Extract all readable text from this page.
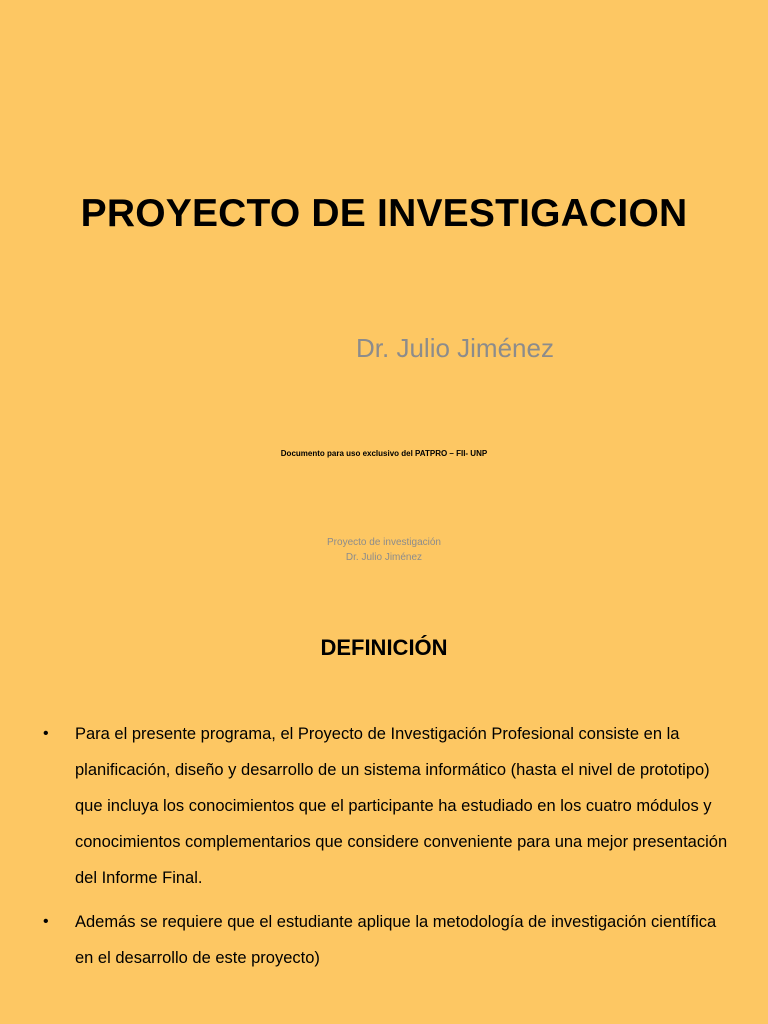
PROYECTO DE INVESTIGACION
Dr. Julio Jiménez
Documento para uso exclusivo del PATPRO – FII- UNP
Proyecto de investigación
Dr. Julio Jiménez
DEFINICIÓN
• Para el presente programa, el Proyecto de Investigación Profesional consiste en la planificación, diseño y desarrollo de un sistema informático (hasta el nivel de prototipo) que incluya los conocimientos que el participante ha estudiado en los cuatro módulos y conocimientos complementarios que considere conveniente para una mejor presentación del Informe Final.
• Además se requiere que el estudiante aplique la metodología de investigación científica en el desarrollo de este proyecto)
